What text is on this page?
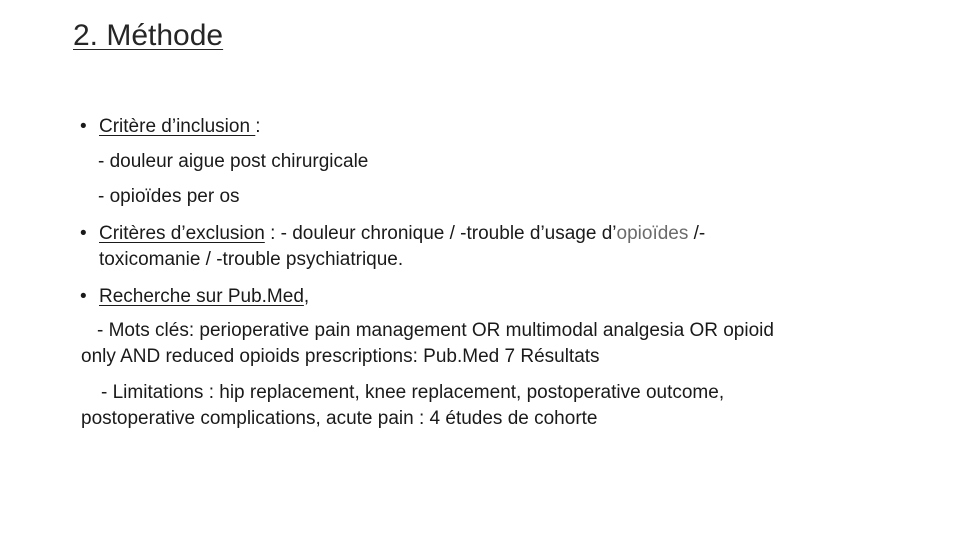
2. Méthode
• Critère d’inclusion :
- douleur aigue post chirurgicale
- opioïdes per os
• Critères d’exclusion : - douleur chronique / -trouble d’usage d’opioïdes /-
toxicomanie / -trouble psychiatrique.
• Recherche sur Pub.Med,
- Mots clés: perioperative pain management OR multimodal analgesia OR opioid
only AND reduced opioids prescriptions: Pub.Med 7 Résultats
- Limitations : hip replacement, knee replacement, postoperative outcome,
postoperative complications, acute pain : 4 études de cohorte
